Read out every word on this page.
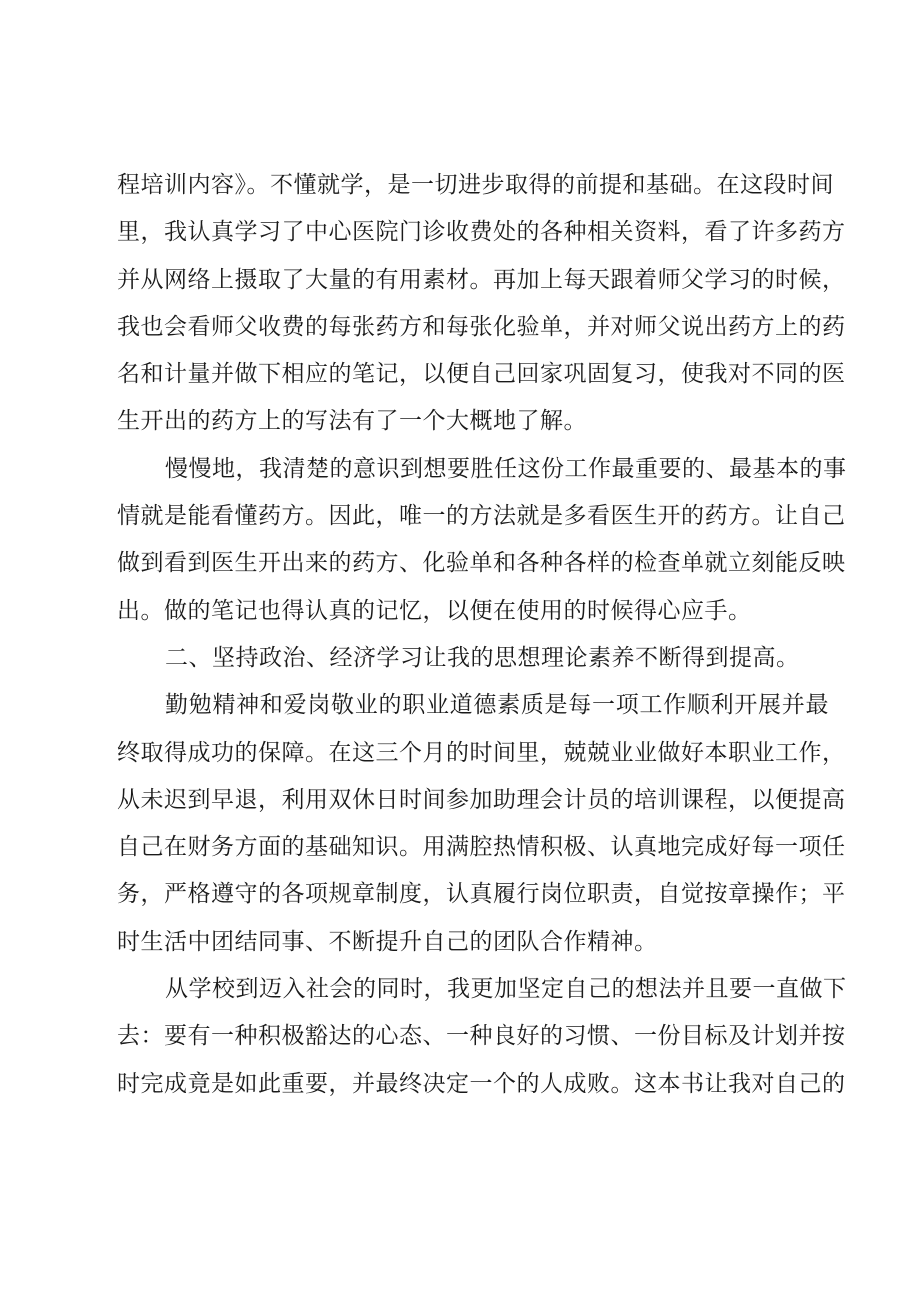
程培训内容》。不懂就学，是一切进步取得的前提和基础。在这段时间
里，我认真学习了中心医院门诊收费处的各种相关资料，看了许多药方
并从网络上摄取了大量的有用素材。再加上每天跟着师父学习的时候，
我也会看师父收费的每张药方和每张化验单，并对师父说出药方上的药
名和计量并做下相应的笔记，以便自己回家巩固复习，使我对不同的医
生开出的药方上的写法有了一个大概地了解。
慢慢地，我清楚的意识到想要胜任这份工作最重要的、最基本的事
情就是能看懂药方。因此，唯一的方法就是多看医生开的药方。让自己
做到看到医生开出来的药方、化验单和各种各样的检查单就立刻能反映
出。做的笔记也得认真的记忆，以便在使用的时候得心应手。
二、坚持政治、经济学习让我的思想理论素养不断得到提高。
勤勉精神和爱岗敬业的职业道德素质是每一项工作顺利开展并最
终取得成功的保障。在这三个月的时间里，兢兢业业做好本职业工作，
从未迟到早退，利用双休日时间参加助理会计员的培训课程，以便提高
自己在财务方面的基础知识。用满腔热情积极、认真地完成好每一项任
务，严格遵守的各项规章制度，认真履行岗位职责，自觉按章操作；平
时生活中团结同事、不断提升自己的团队合作精神。
从学校到迈入社会的同时，我更加坚定自己的想法并且要一直做下
去：要有一种积极豁达的心态、一种良好的习惯、一份目标及计划并按
时完成竟是如此重要，并最终决定一个的人成败。这本书让我对自己的
